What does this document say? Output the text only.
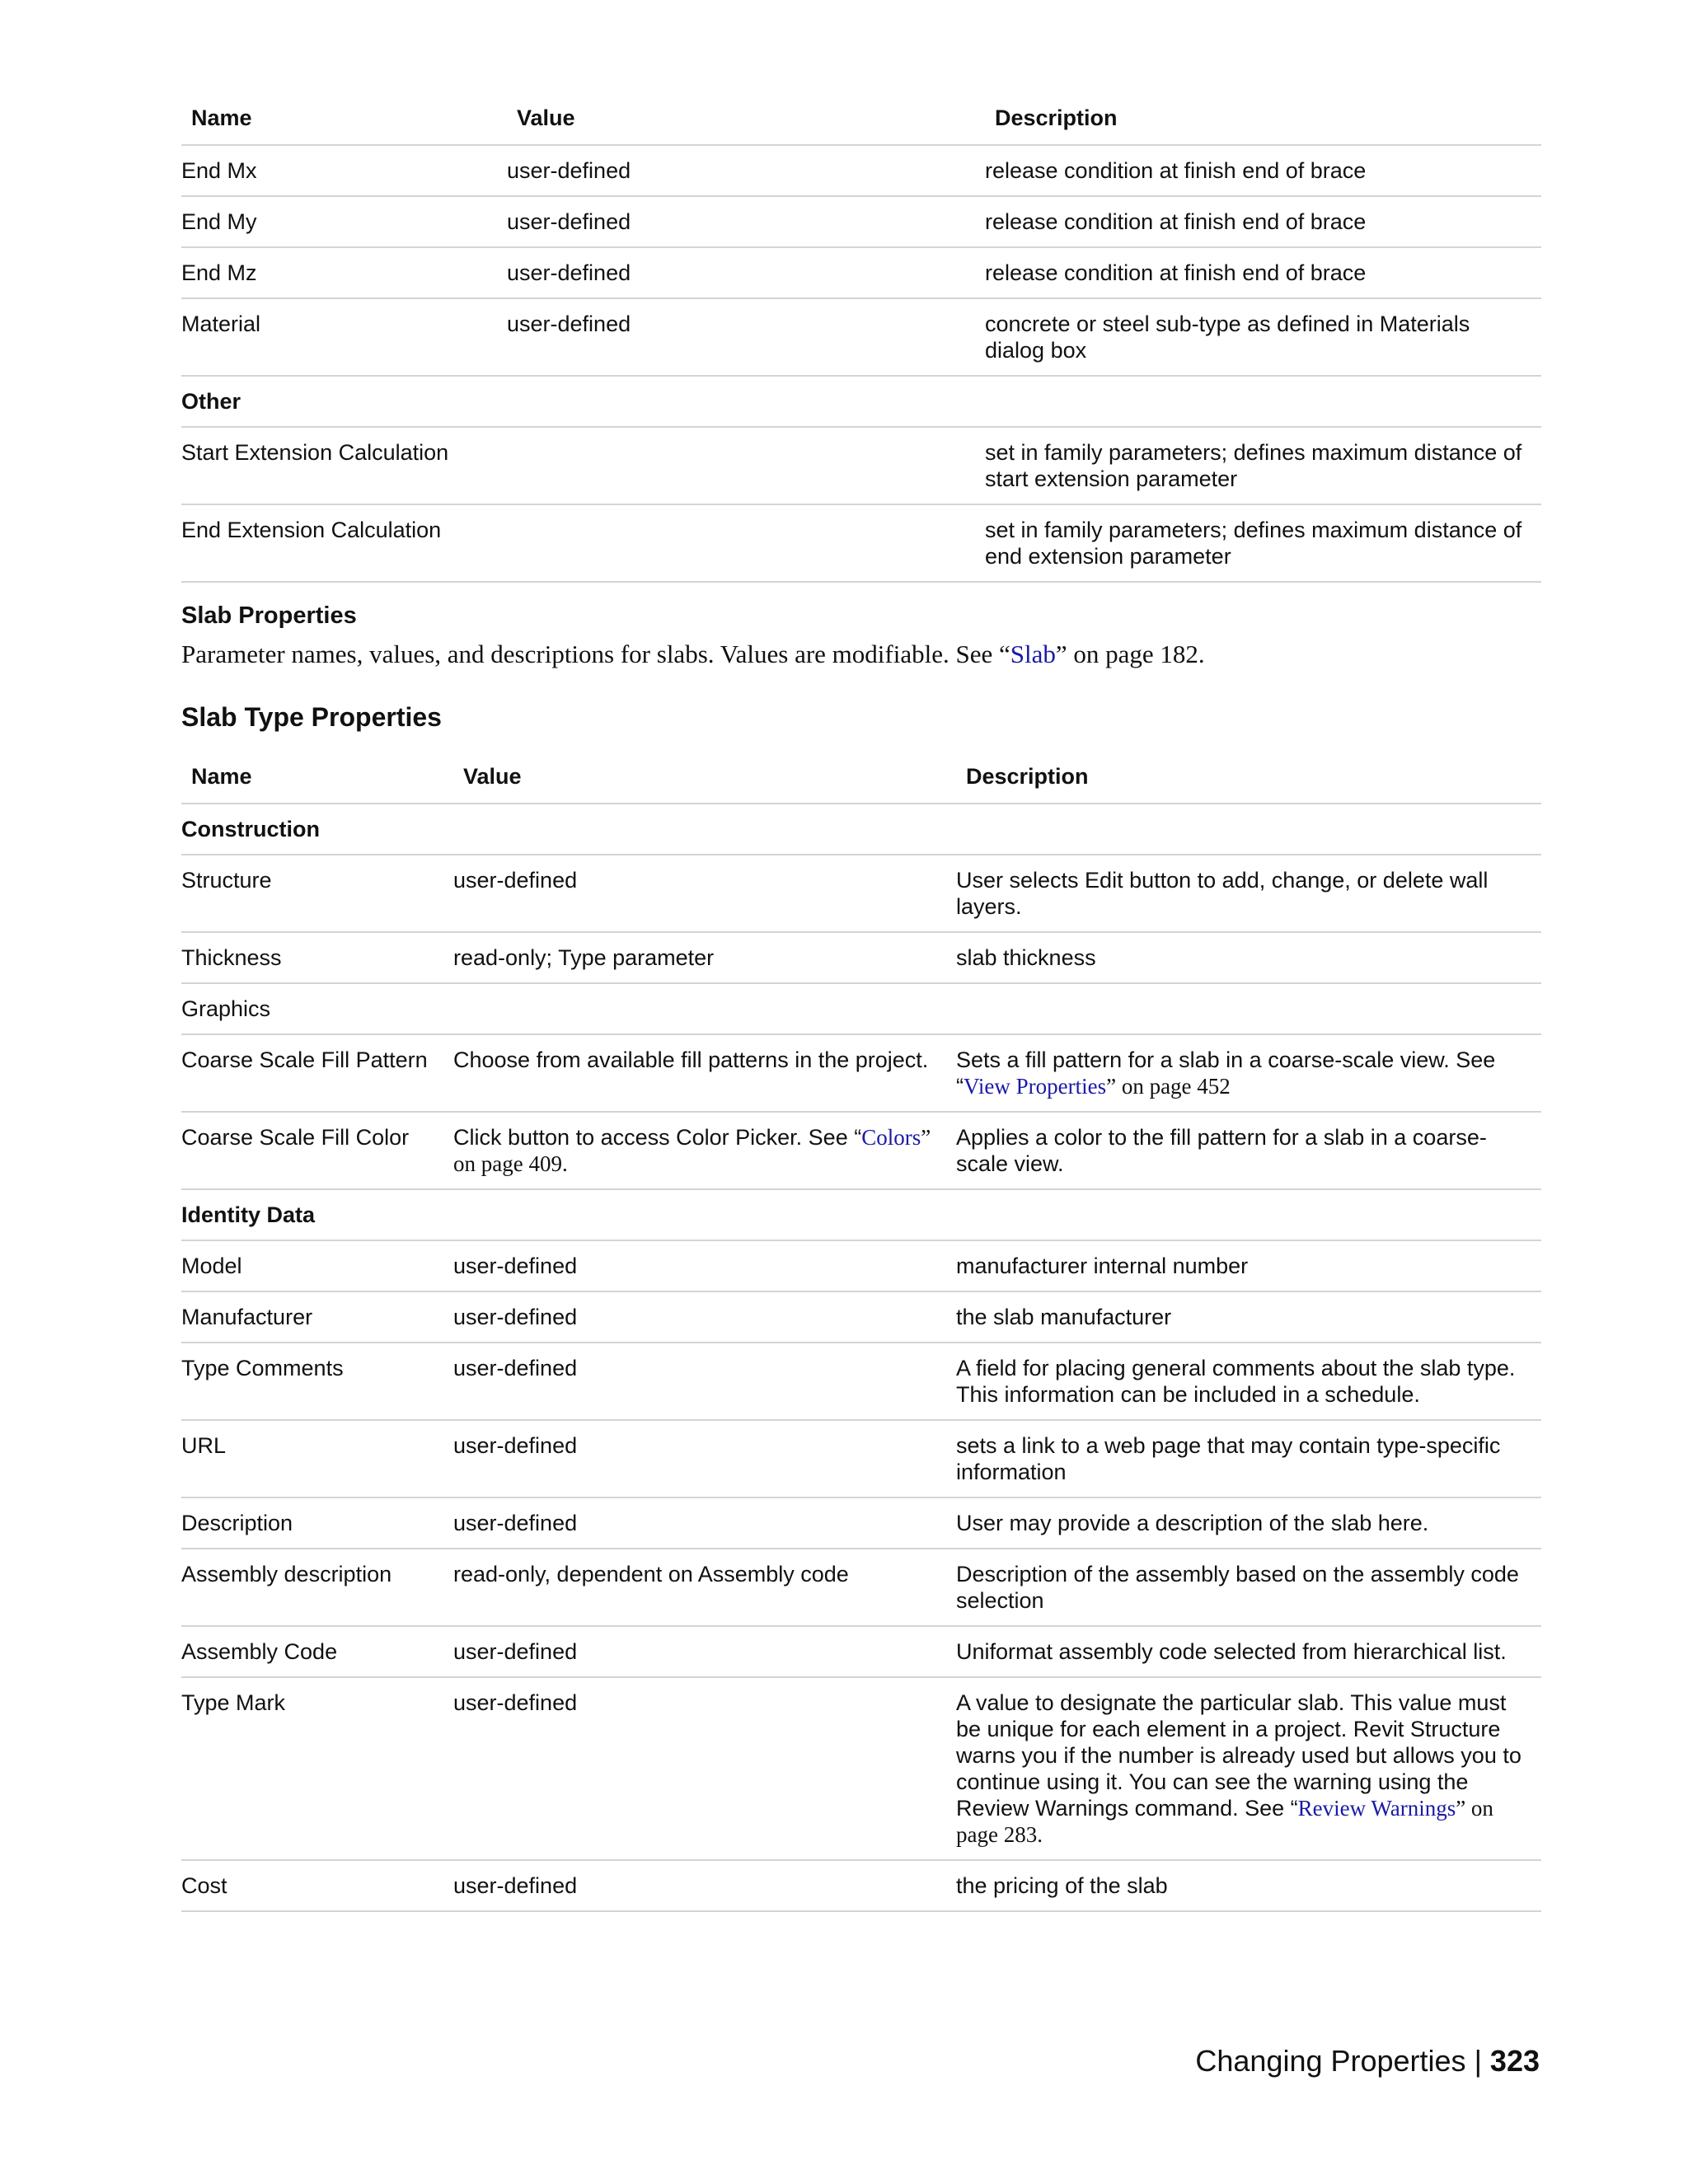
Name	Value	Description
End Mx	user-defined	release condition at finish end of brace
End My	user-defined	release condition at finish end of brace
End Mz	user-defined	release condition at finish end of brace
Material	user-defined	concrete or steel sub-type as defined in Materials dialog box
Other		
Start Extension Calculation		set in family parameters; defines maximum distance of start extension parameter
End Extension Calculation		set in family parameters; defines maximum distance of end extension parameter
Slab Properties

Parameter names, values, and descriptions for slabs. Values are modifiable. See “Slab” on page 182.

Slab Type Properties
Name	Value	Description
Construction		
Structure	user-defined	User selects Edit button to add, change, or delete wall layers.
Thickness	read-only; Type parameter	slab thickness
Graphics		
Coarse Scale Fill Pattern	Choose from available fill patterns in the project.	Sets a fill pattern for a slab in a coarse-scale view. See “View Properties” on page 452
Coarse Scale Fill Color	Click button to access Color Picker. See “Colors” on page 409.	Applies a color to the fill pattern for a slab in a coarse-scale view.
Identity Data		
Model	user-defined	manufacturer internal number
Manufacturer	user-defined	the slab manufacturer
Type Comments	user-defined	A field for placing general comments about the slab type. This information can be included in a schedule.
URL	user-defined	sets a link to a web page that may contain type-specific information
Description	user-defined	User may provide a description of the slab here.
Assembly description	read-only, dependent on Assembly code	Description of the assembly based on the assembly code selection
Assembly Code	user-defined	Uniformat assembly code selected from hierarchical list.
Type Mark	user-defined	A value to designate the particular slab. This value must be unique for each element in a project. Revit Structure warns you if the number is already used but allows you to continue using it. You can see the warning using the Review Warnings command. See “Review Warnings” on page 283.
Cost	user-defined	the pricing of the slab
Changing Properties | 323
